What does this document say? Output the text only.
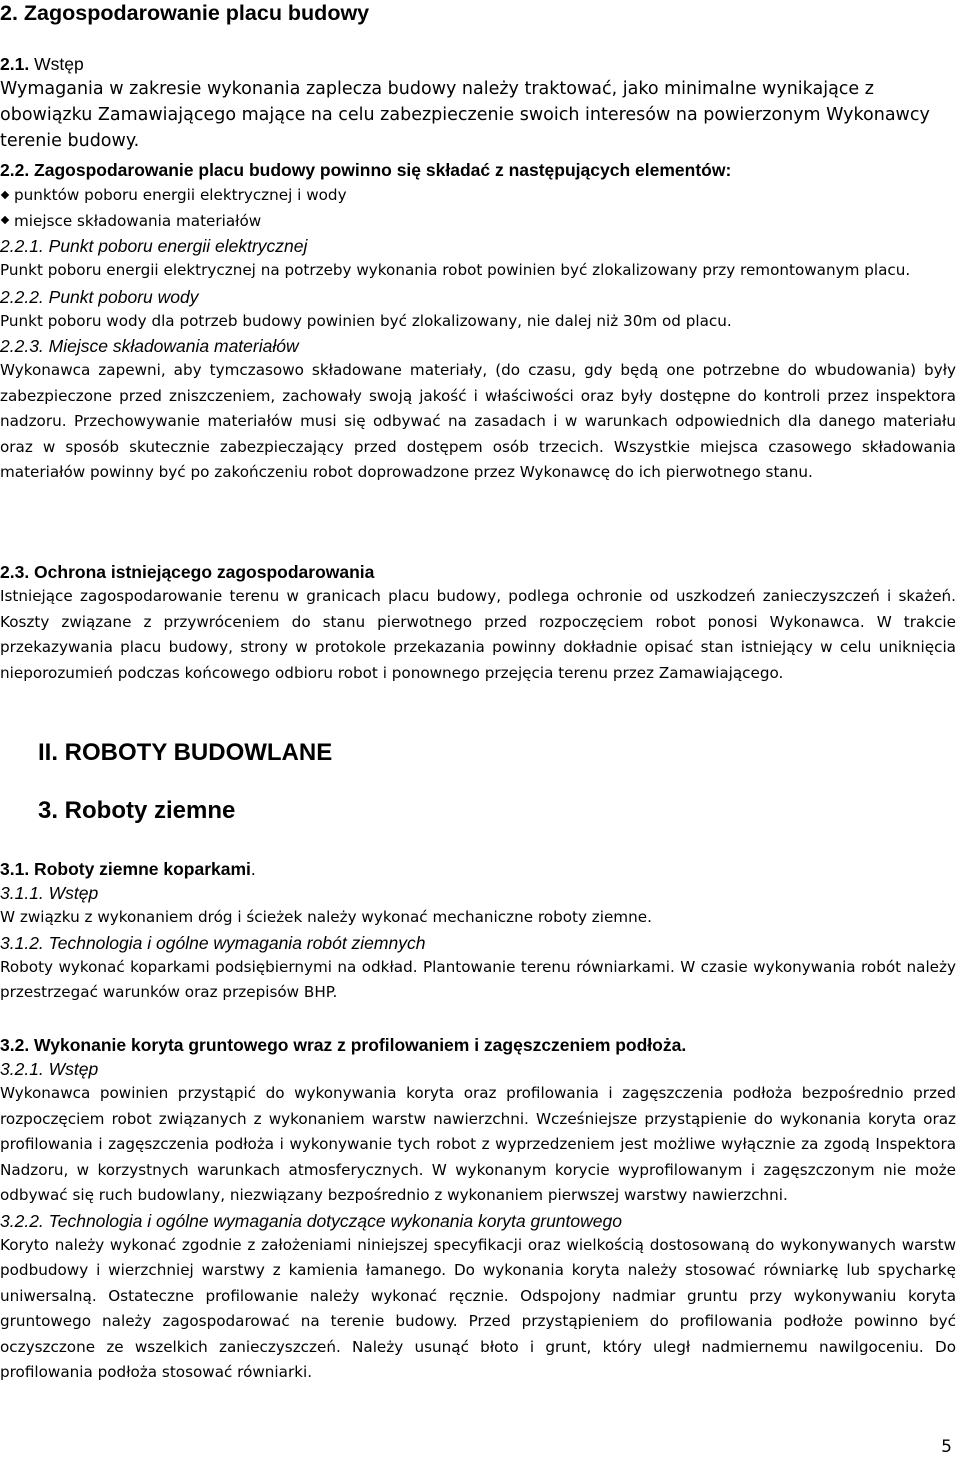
2. Zagospodarowanie placu budowy

2.1. Wstęp

Wymagania w zakresie wykonania zaplecza budowy należy traktować, jako minimalne wynikające z obowiązku Zamawiającego mające na celu zabezpieczenie swoich interesów na powierzonym Wykonawcy terenie budowy.

2.2. Zagospodarowanie placu budowy powinno się składać z następujących elementów:

punktów poboru energii elektrycznej i wody

miejsce składowania materiałów

2.2.1. Punkt poboru energii elektrycznej

Punkt poboru energii elektrycznej na potrzeby wykonania robot powinien być zlokalizowany przy remontowanym placu.

2.2.2. Punkt poboru wody

Punkt poboru wody dla potrzeb budowy powinien być zlokalizowany, nie dalej niż 30m od placu.

2.2.3. Miejsce składowania materiałów

Wykonawca zapewni, aby tymczasowo składowane materiały, (do czasu, gdy będą one potrzebne do wbudowania) były zabezpieczone przed zniszczeniem, zachowały swoją jakość i właściwości oraz były dostępne do kontroli przez inspektora nadzoru. Przechowywanie materiałów musi się odbywać na zasadach i w warunkach odpowiednich dla danego materiału oraz w sposób skutecznie zabezpieczający przed dostępem osób trzecich. Wszystkie miejsca czasowego składowania materiałów powinny być po zakończeniu robot doprowadzone przez Wykonawcę do ich pierwotnego stanu.

2.3. Ochrona istniejącego zagospodarowania

Istniejące zagospodarowanie terenu w granicach placu budowy, podlega ochronie od uszkodzeń zanieczyszczeń i skażeń. Koszty związane z przywróceniem do stanu pierwotnego przed rozpoczęciem robot ponosi Wykonawca. W trakcie przekazywania placu budowy, strony w protokole przekazania powinny dokładnie opisać stan istniejący w celu uniknięcia nieporozumień podczas końcowego odbioru robot i ponownego przejęcia terenu przez Zamawiającego.

II. ROBOTY BUDOWLANE

3. Roboty ziemne

3.1. Roboty ziemne koparkami.

3.1.1. Wstęp

W związku z wykonaniem dróg i ścieżek należy wykonać mechaniczne roboty ziemne.

3.1.2. Technologia i ogólne wymagania robót ziemnych

Roboty wykonać koparkami podsiębiernymi na odkład. Plantowanie terenu równiarkami. W czasie wykonywania robót należy przestrzegać warunków oraz przepisów BHP.

3.2. Wykonanie koryta gruntowego wraz z profilowaniem i zagęszczeniem podłoża.

3.2.1. Wstęp

Wykonawca powinien przystąpić do wykonywania koryta oraz profilowania i zagęszczenia podłoża bezpośrednio przed rozpoczęciem robot związanych z wykonaniem warstw nawierzchni. Wcześniejsze przystąpienie do wykonania koryta oraz profilowania i zagęszczenia podłoża i wykonywanie tych robot z wyprzedzeniem jest możliwe wyłącznie za zgodą Inspektora Nadzoru, w korzystnych warunkach atmosferycznych. W wykonanym korycie wyprofilowanym i zagęszczonym nie może odbywać się ruch budowlany, niezwiązany bezpośrednio z wykonaniem pierwszej warstwy nawierzchni.

3.2.2. Technologia i ogólne wymagania dotyczące wykonania koryta gruntowego

Koryto należy wykonać zgodnie z założeniami niniejszej specyfikacji oraz wielkością dostosowaną do wykonywanych warstw podbudowy i wierzchniej warstwy z kamienia łamanego. Do wykonania koryta należy stosować równiarkę lub spycharkę uniwersalną. Ostateczne profilowanie należy wykonać ręcznie. Odspojony nadmiar gruntu przy wykonywaniu koryta gruntowego należy zagospodarować na terenie budowy. Przed przystąpieniem do profilowania podłoże powinno być oczyszczone ze wszelkich zanieczyszczeń. Należy usunąć błoto i grunt, który uległ nadmiernemu nawilgoceniu. Do profilowania podłoża stosować równiarki.

5
